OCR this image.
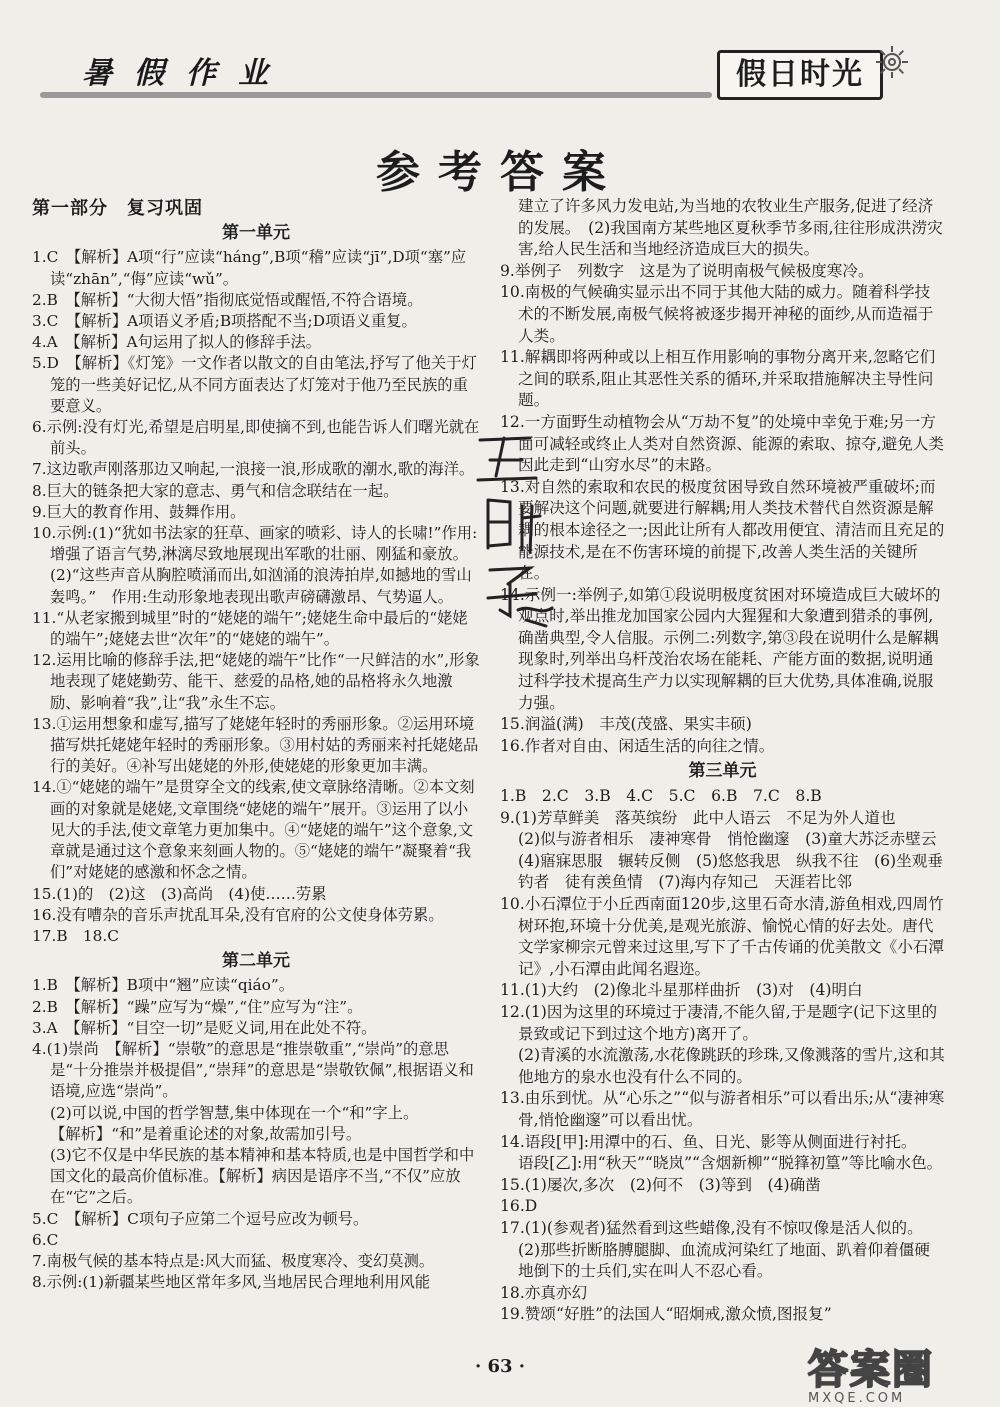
暑假作业	假日时光
参考答案
第一部分　复习巩固
第一单元

1.C　【解析】A项“行”应读“háng”,B项“稽”应读“jī”,D项“塞”应读“zhān”,“侮”应读“wǔ”。

2.B　【解析】“大彻大悟”指彻底觉悟或醒悟,不符合语境。

3.C　【解析】A项语义矛盾;B项搭配不当;D项语义重复。

4.A　【解析】A句运用了拟人的修辞手法。

5.D　【解析】《灯笼》一文作者以散文的自由笔法,抒写了他关于灯笼的一些美好记忆,从不同方面表达了灯笼对于他乃至民族的重要意义。

6.示例:没有灯光,希望是启明星,即使摘不到,也能告诉人们曙光就在前头。

7.这边歌声刚落那边又响起,一浪接一浪,形成歌的潮水,歌的海洋。

8.巨大的链条把大家的意志、勇气和信念联结在一起。

9.巨大的教育作用、鼓舞作用。

10.示例:(1)“犹如书法家的狂草、画家的喷彩、诗人的长啸!”作用:增强了语言气势,淋漓尽致地展现出军歌的壮丽、刚猛和豪放。　(2)“这些声音从胸腔喷涌而出,如汹涌的浪涛拍岸,如撼地的雪山轰鸣。”　作用:生动形象地表现出歌声磅礴激昂、气势逼人。

11.“从老家搬到城里”时的“姥姥的端午”;姥姥生命中最后的“姥姥的端午”;姥姥去世“次年”的“姥姥的端午”。

12.运用比喻的修辞手法,把“姥姥的端午”比作“一尺鲜洁的水”,形象地表现了姥姥勤劳、能干、慈爱的品格,她的品格将永久地激励、影响着“我”,让“我”永生不忘。

13.①运用想象和虚写,描写了姥姥年轻时的秀丽形象。②运用环境描写烘托姥姥年轻时的秀丽形象。③用村姑的秀丽来衬托姥姥品行的美好。④补写出姥姥的外形,使姥姥的形象更加丰满。

14.①“姥姥的端午”是贯穿全文的线索,使文章脉络清晰。②本文刻画的对象就是姥姥,文章围绕“姥姥的端午”展开。③运用了以小见大的手法,使文章笔力更加集中。④“姥姥的端午”这个意象,文章就是通过这个意象来刻画人物的。⑤“姥姥的端午”凝聚着“我们”对姥姥的感激和怀念之情。

15.(1)的　(2)这　(3)高尚　(4)使……劳累

16.没有嘈杂的音乐声扰乱耳朵,没有官府的公文使身体劳累。

17.B　18.C

第二单元

1.B　【解析】B项中“翘”应读“qiáo”。

2.B　【解析】“躁”应写为“燥”,“住”应写为“注”。

3.A　【解析】“目空一切”是贬义词,用在此处不符。

4.(1)崇尚　【解析】“崇敬”的意思是“推崇敬重”,“崇尚”的意思是“十分推崇并极提倡”,“崇拜”的意思是“崇敬钦佩”,根据语义和语境,应选“崇尚”。

(2)可以说,中国的哲学智慧,集中体现在一个“和”字上。

【解析】“和”是着重论述的对象,故需加引号。

(3)它不仅是中华民族的基本精神和基本特质,也是中国哲学和中国文化的最高价值标准。【解析】病因是语序不当,“不仅”应放在“它”之后。

5.C　【解析】C项句子应第二个逗号应改为顿号。

6.C

7.南极气候的基本特点是:风大而猛、极度寒冷、变幻莫测。

8.示例:(1)新疆某些地区常年多风,当地居民合理地利用风能

建立了许多风力发电站,为当地的农牧业生产服务,促进了经济的发展。　(2)我国南方某些地区夏秋季节多雨,往往形成洪涝灾害,给人民生活和当地经济造成巨大的损失。

9.举例子　列数字　这是为了说明南极气候极度寒冷。

10.南极的气候确实显示出不同于其他大陆的威力。随着科学技术的不断发展,南极气候将被逐步揭开神秘的面纱,从而造福于人类。

11.解耦即将两种或以上相互作用影响的事物分离开来,忽略它们之间的联系,阻止其恶性关系的循环,并采取措施解决主导性问题。

12.一方面野生动植物会从“万劫不复”的处境中幸免于难;另一方面可减轻或终止人类对自然资源、能源的索取、掠夺,避免人类因此走到“山穷水尽”的末路。

13.对自然的索取和农民的极度贫困导致自然环境被严重破坏;而要解决这个问题,就要进行解耦;用人类技术替代自然资源是解耦的根本途径之一;因此让所有人都改用便宜、清洁而且充足的能源技术,是在不伤害环境的前提下,改善人类生活的关键所在。

14.示例一:举例子,如第①段说明极度贫困对环境造成巨大破坏的观点时,举出推龙加国家公园内大猩猩和大象遭到猎杀的事例,确凿典型,令人信服。示例二:列数字,第③段在说明什么是解耦现象时,列举出乌杆茂治农场在能耗、产能方面的数据,说明通过科学技术提高生产力以实现解耦的巨大优势,具体准确,说服力强。

15.润溢(满)　丰茂(茂盛、果实丰硕)

16.作者对自由、闲适生活的向往之情。

第三单元

1.B　2.C　3.B　4.C　5.C　6.B　7.C　8.B

9.(1)芳草鲜美　落英缤纷　此中人语云　不足为外人道也

(2)似与游者相乐　凄神寒骨　悄怆幽邃　(3)童大苏泛赤壁云　(4)寤寐思服　辗转反侧　(5)悠悠我思　纵我不往　(6)坐观垂钓者　徒有羡鱼情　(7)海内存知己　天涯若比邻

10.小石潭位于小丘西南面120步,这里石奇水清,游鱼相戏,四周竹树环抱,环境十分优美,是观光旅游、愉悦心情的好去处。唐代文学家柳宗元曾来过这里,写下了千古传诵的优美散文《小石潭记》,小石潭由此闻名遐迩。

11.(1)大约　(2)像北斗星那样曲折　(3)对　(4)明白

12.(1)因为这里的环境过于凄清,不能久留,于是题字(记下这里的景致或记下到过这个地方)离开了。

(2)青溪的水流激荡,水花像跳跃的珍珠,又像溅落的雪片,这和其他地方的泉水也没有什么不同的。

13.由乐到忧。从“心乐之”“似与游者相乐”可以看出乐;从“凄神寒骨,悄怆幽邃”可以看出忧。

14.语段[甲]:用潭中的石、鱼、日光、影等从侧面进行衬托。

语段[乙]:用“秋天”“晓岚”“含烟新柳”“脱箨初篁”等比喻水色。

15.(1)屡次,多次　(2)何不　(3)等到　(4)确凿

16.D

17.(1)(参观者)猛然看到这些蜡像,没有不惊叹像是活人似的。　(2)那些折断胳膊腿脚、血流成河染红了地面、趴着仰着僵硬地倒下的士兵们,实在叫人不忍心看。

18.亦真亦幻

19.赞颂“好胜”的法国人“昭炯戒,激众愤,图报复”

· 63 ·	答案圈
MXQE.COM
